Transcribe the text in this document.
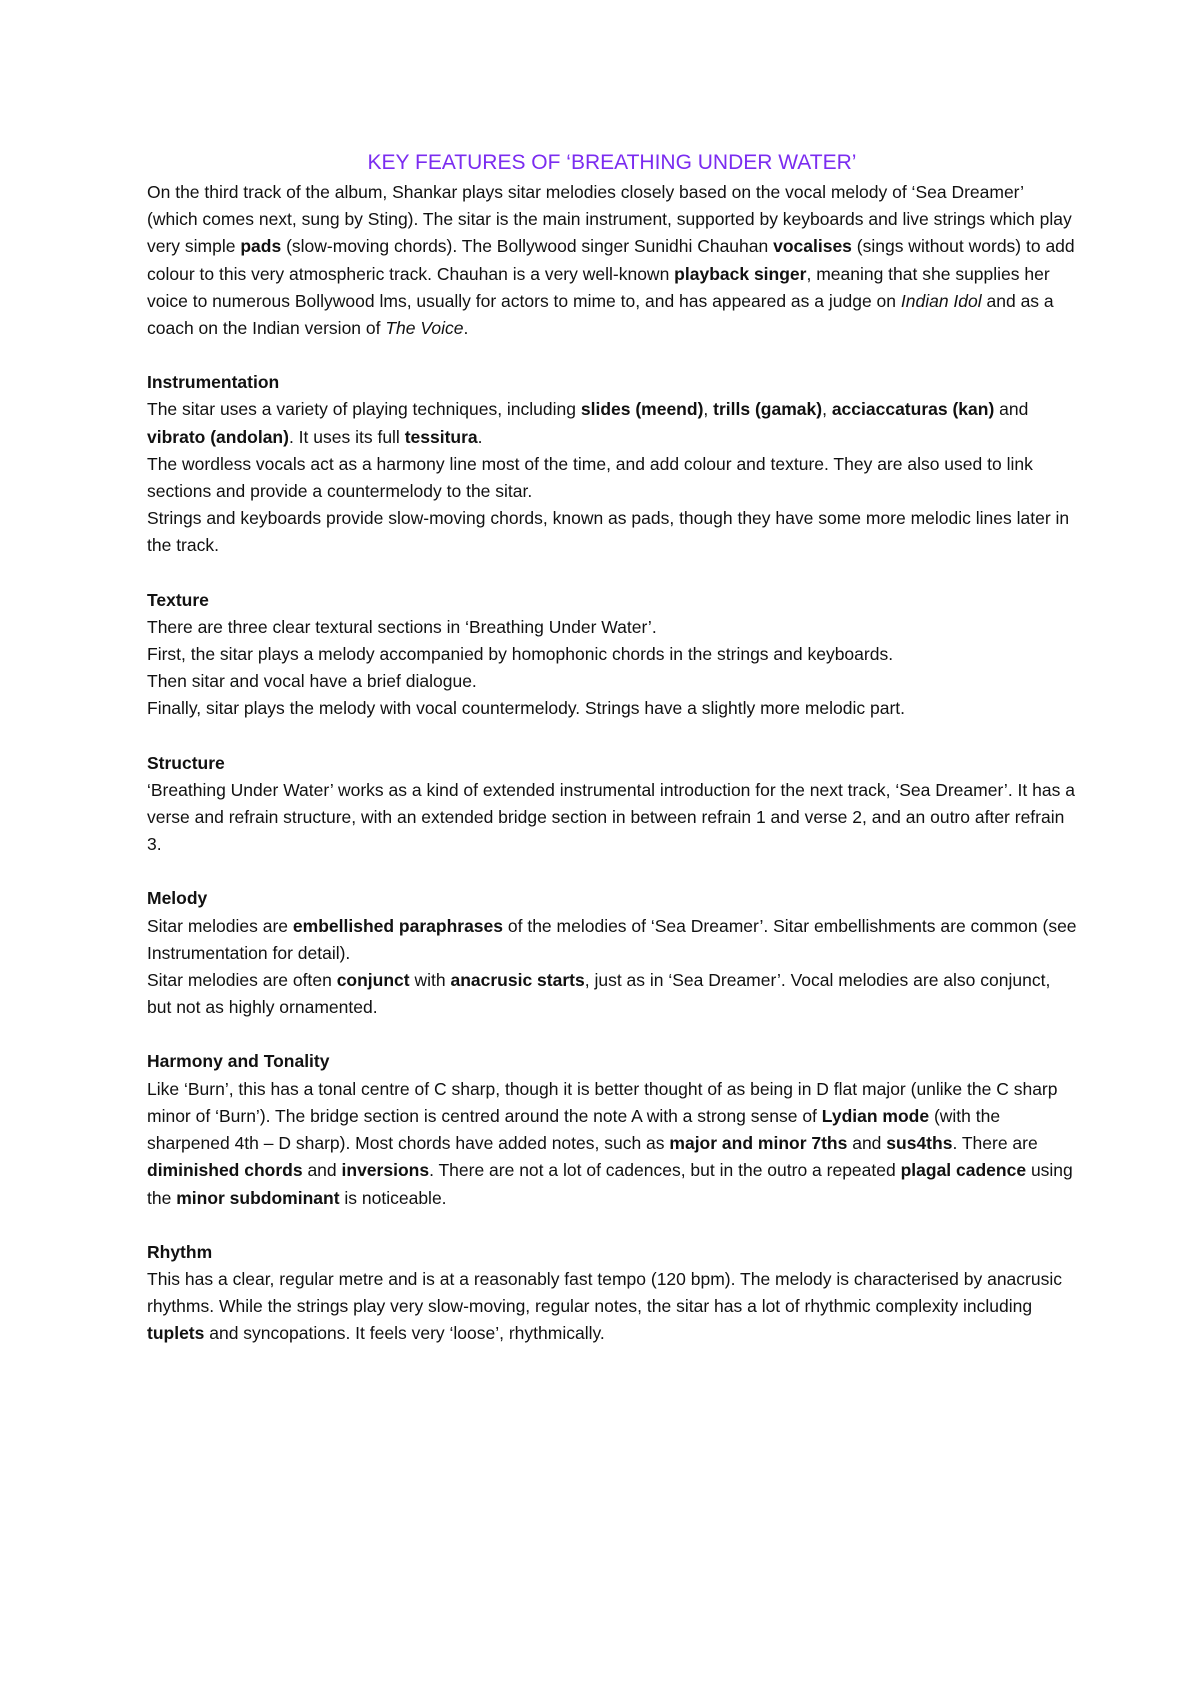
KEY FEATURES OF ‘BREATHING UNDER WATER’

On the third track of the album, Shankar plays sitar melodies closely based on the vocal melody of ‘Sea Dreamer’ (which comes next, sung by Sting). The sitar is the main instrument, supported by keyboards and live strings which play very simple pads (slow-moving chords). The Bollywood singer Sunidhi Chauhan vocalises (sings without words) to add colour to this very atmospheric track. Chauhan is a very well-known playback singer, meaning that she supplies her voice to numerous Bollywood lms, usually for actors to mime to, and has appeared as a judge on Indian Idol and as a coach on the Indian version of The Voice.

Instrumentation

The sitar uses a variety of playing techniques, including slides (meend), trills (gamak), acciaccaturas (kan) and vibrato (andolan). It uses its full tessitura.

The wordless vocals act as a harmony line most of the time, and add colour and texture. They are also used to link sections and provide a countermelody to the sitar.

Strings and keyboards provide slow-moving chords, known as pads, though they have some more melodic lines later in the track.

Texture

There are three clear textural sections in ‘Breathing Under Water’.

First, the sitar plays a melody accompanied by homophonic chords in the strings and keyboards.

Then sitar and vocal have a brief dialogue.

Finally, sitar plays the melody with vocal countermelody. Strings have a slightly more melodic part.

Structure

‘Breathing Under Water’ works as a kind of extended instrumental introduction for the next track, ‘Sea Dreamer’. It has a verse and refrain structure, with an extended bridge section in between refrain 1 and verse 2, and an outro after refrain 3.

Melody

Sitar melodies are embellished paraphrases of the melodies of ‘Sea Dreamer’. Sitar embellishments are common (see Instrumentation for detail).

Sitar melodies are often conjunct with anacrusic starts, just as in ‘Sea Dreamer’. Vocal melodies are also conjunct, but not as highly ornamented.

Harmony and Tonality

Like ‘Burn’, this has a tonal centre of C sharp, though it is better thought of as being in D flat major (unlike the C sharp minor of ‘Burn’). The bridge section is centred around the note A with a strong sense of Lydian mode (with the sharpened 4th – D sharp). Most chords have added notes, such as major and minor 7ths and sus4ths. There are diminished chords and inversions. There are not a lot of cadences, but in the outro a repeated plagal cadence using the minor subdominant is noticeable.

Rhythm

This has a clear, regular metre and is at a reasonably fast tempo (120 bpm). The melody is characterised by anacrusic rhythms. While the strings play very slow-moving, regular notes, the sitar has a lot of rhythmic complexity including tuplets and syncopations. It feels very ‘loose’, rhythmically.
